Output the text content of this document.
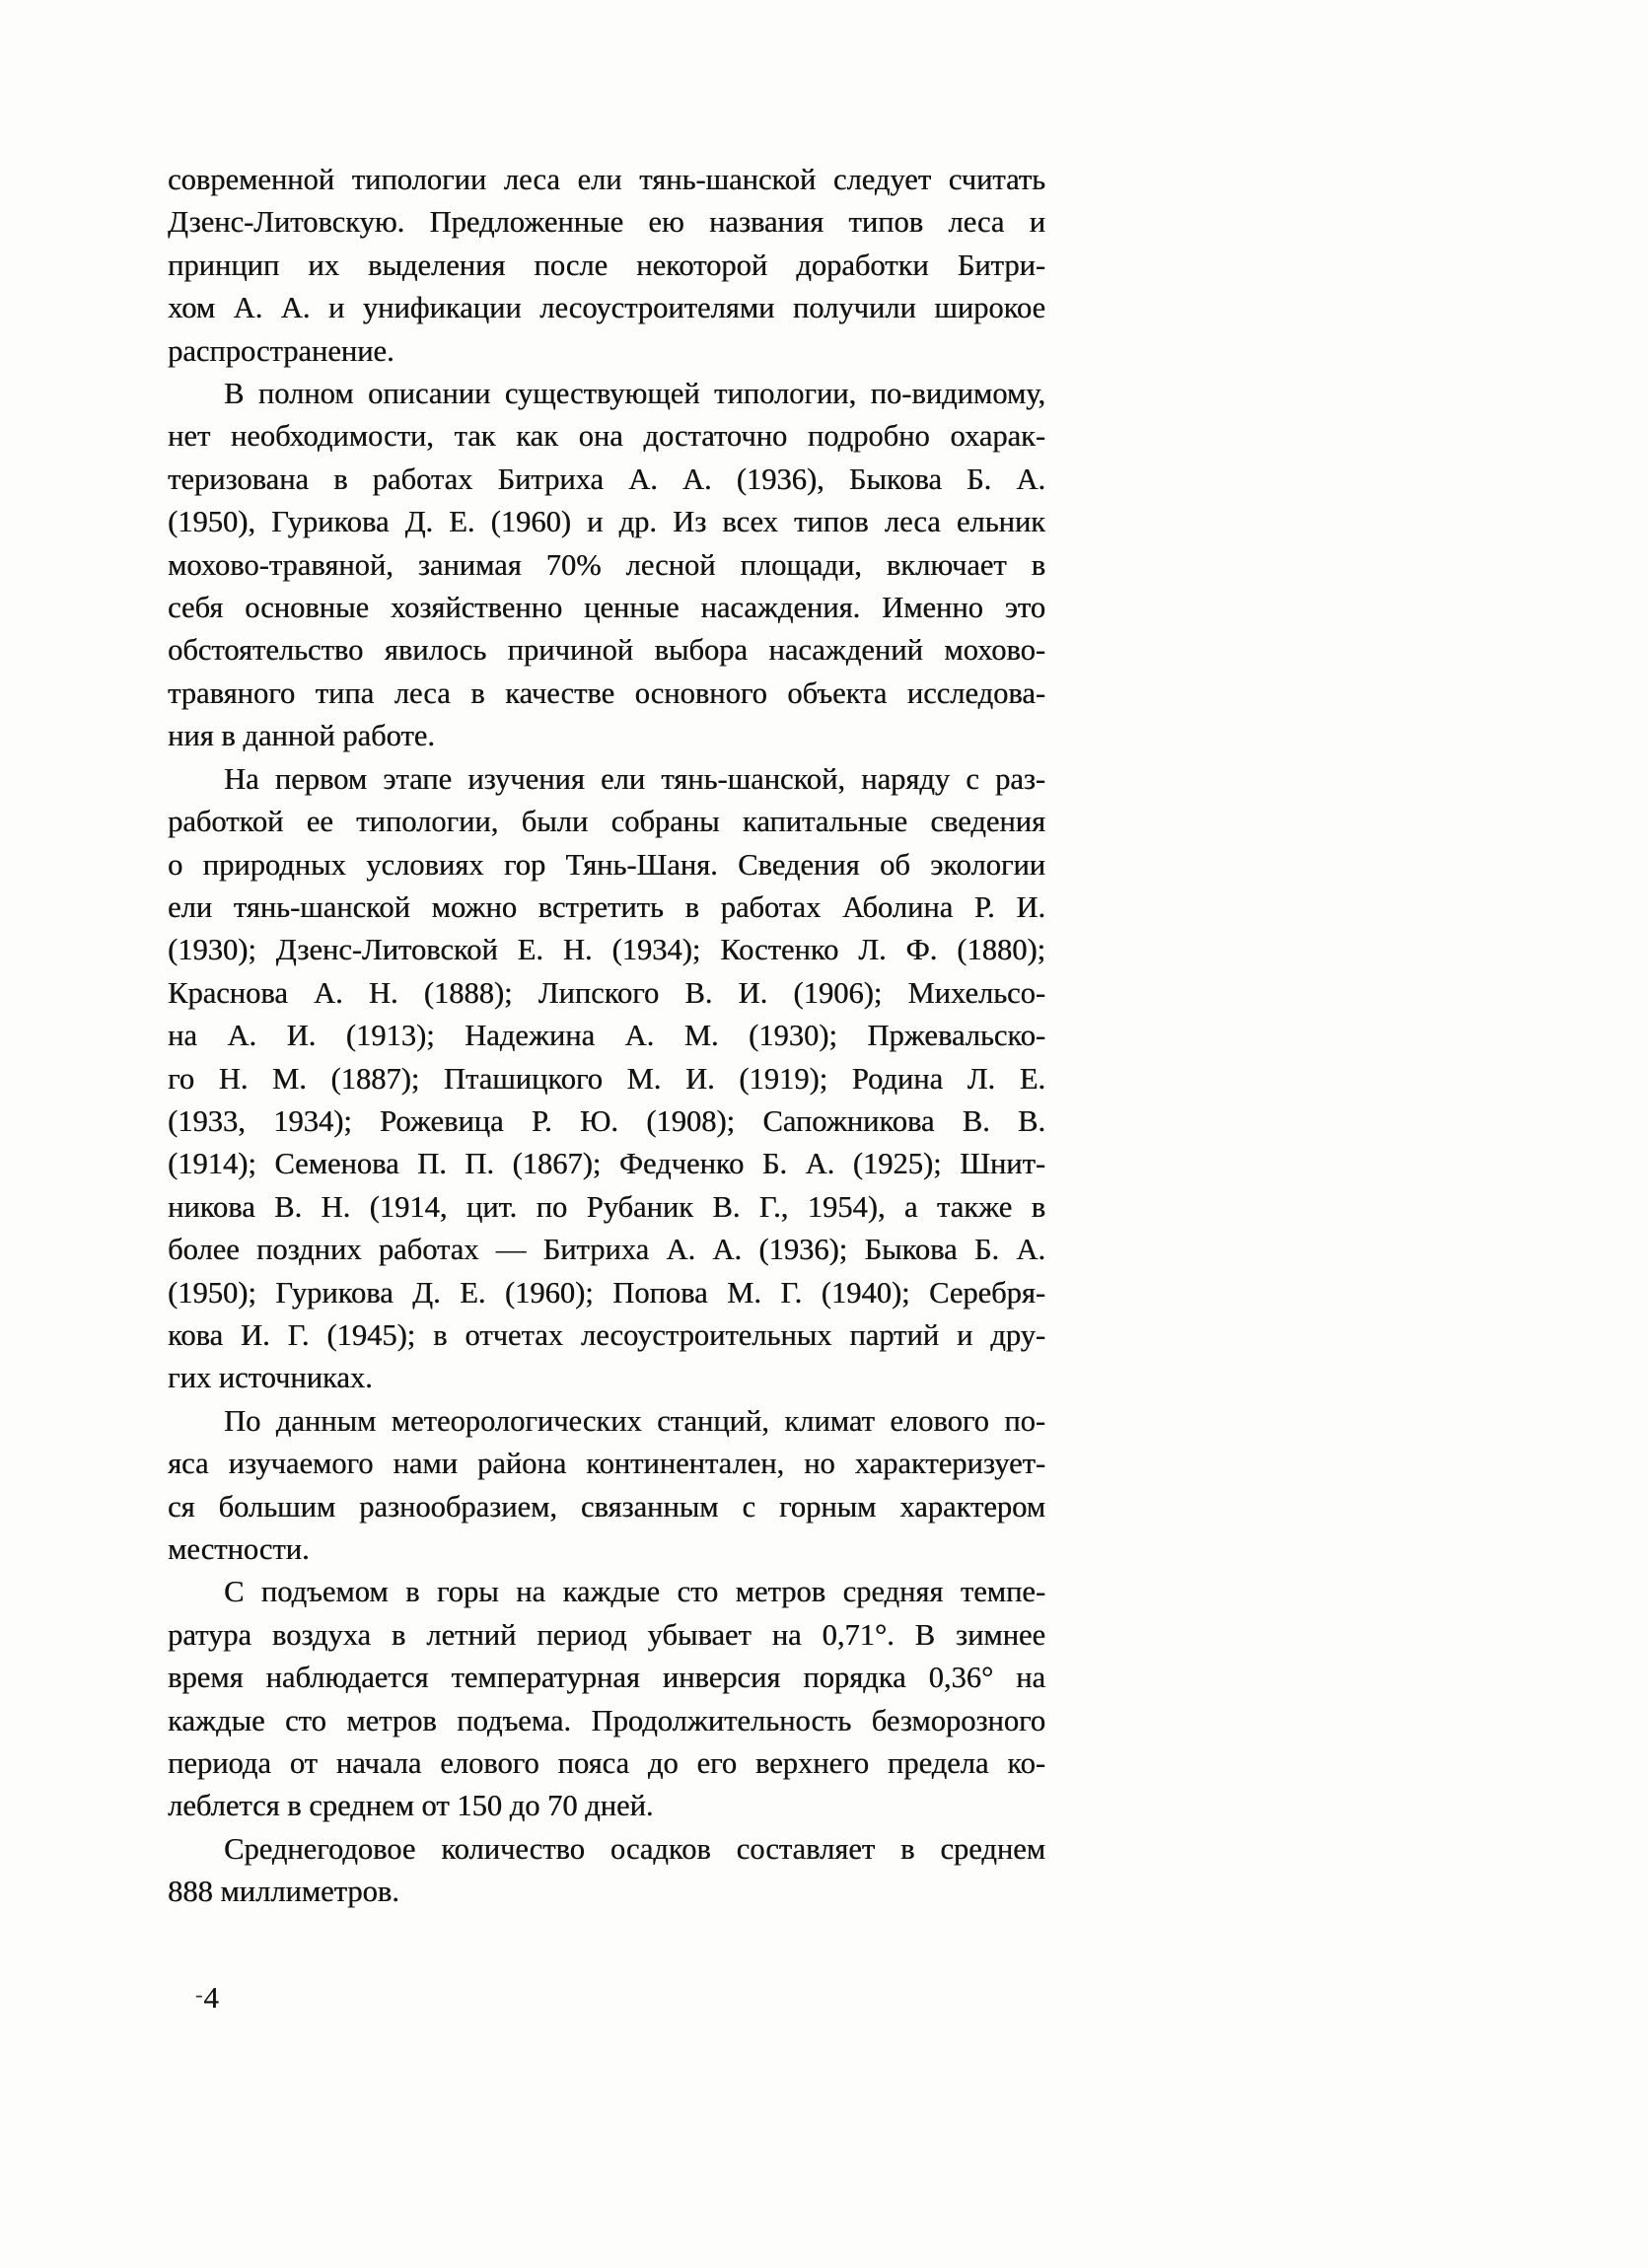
современной типологии леса ели тянь-шанской следует считать
Дзенс-Литовскую. Предложенные ею названия типов леса и
принцип их выделения после некоторой доработки Битри-
хом А. А. и унификации лесоустроителями получили широкое
распространение.
В полном описании существующей типологии, по-видимому,
нет необходимости, так как она достаточно подробно охарак-
теризована в работах Битриха А. А. (1936), Быкова Б. А.
(1950), Гурикова Д. Е. (1960) и др. Из всех типов леса ельник
мохово-травяной, занимая 70% лесной площади, включает в
себя основные хозяйственно ценные насаждения. Именно это
обстоятельство явилось причиной выбора насаждений мохово-
травяного типа леса в качестве основного объекта исследова-
ния в данной работе.
На первом этапе изучения ели тянь-шанской, наряду с раз-
работкой ее типологии, были собраны капитальные сведения
о природных условиях гор Тянь-Шаня. Сведения об экологии
ели тянь-шанской можно встретить в работах Аболина Р. И.
(1930); Дзенс-Литовской Е. Н. (1934); Костенко Л. Ф. (1880);
Краснова А. Н. (1888); Липского В. И. (1906); Михельсо-
на А. И. (1913); Надежина А. М. (1930); Пржевальско-
го Н. М. (1887); Пташицкого М. И. (1919); Родина Л. Е.
(1933, 1934); Рожевица Р. Ю. (1908); Сапожникова В. В.
(1914); Семенова П. П. (1867); Федченко Б. А. (1925); Шнит-
никова В. Н. (1914, цит. по Рубаник В. Г., 1954), а также в
более поздних работах — Битриха А. А. (1936); Быкова Б. А.
(1950); Гурикова Д. Е. (1960); Попова М. Г. (1940); Серебря-
кова И. Г. (1945); в отчетах лесоустроительных партий и дру-
гих источниках.
По данным метеорологических станций, климат елового по-
яса изучаемого нами района континентален, но характеризует-
ся большим разнообразием, связанным с горным характером
местности.
С подъемом в горы на каждые сто метров средняя темпе-
ратура воздуха в летний период убывает на 0,71°. В зимнее
время наблюдается температурная инверсия порядка 0,36° на
каждые сто метров подъема. Продолжительность безморозного
периода от начала елового пояса до его верхнего предела ко-
леблется в среднем от 150 до 70 дней.
Среднегодовое количество осадков составляет в среднем
888 миллиметров.
- 4
